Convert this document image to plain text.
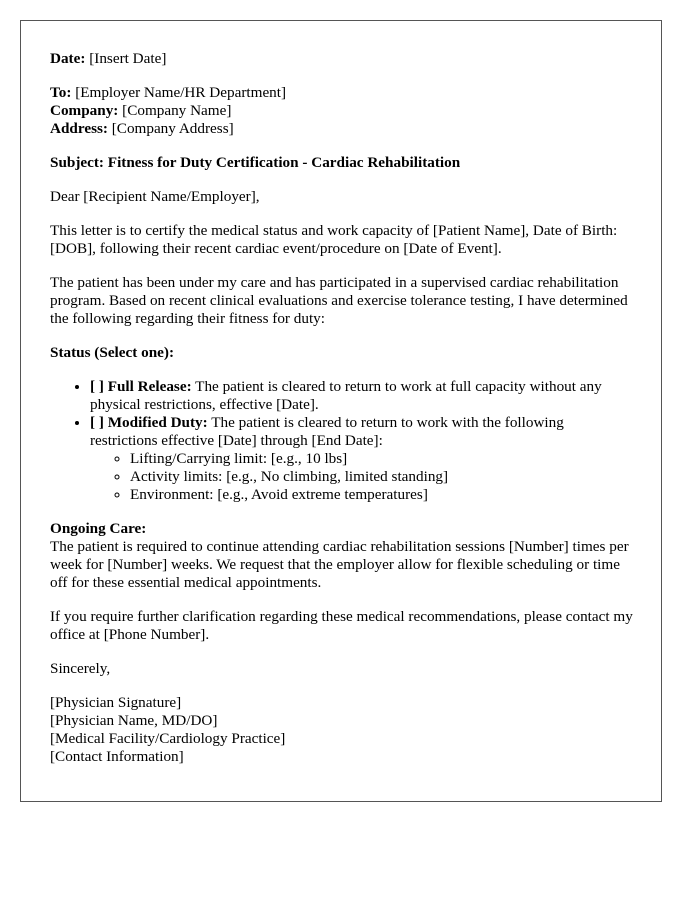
Date: [Insert Date]

To: [Employer Name/HR Department]
Company: [Company Name]
Address: [Company Address]

Subject: Fitness for Duty Certification - Cardiac Rehabilitation

Dear [Recipient Name/Employer],

This letter is to certify the medical status and work capacity of [Patient Name], Date of Birth: [DOB], following their recent cardiac event/procedure on [Date of Event].

The patient has been under my care and has participated in a supervised cardiac rehabilitation program. Based on recent clinical evaluations and exercise tolerance testing, I have determined the following regarding their fitness for duty:

Status (Select one):

• [ ] Full Release: The patient is cleared to return to work at full capacity without any physical restrictions, effective [Date].
• [ ] Modified Duty: The patient is cleared to return to work with the following restrictions effective [Date] through [End Date]:
◦ Lifting/Carrying limit: [e.g., 10 lbs]
◦ Activity limits: [e.g., No climbing, limited standing]
◦ Environment: [e.g., Avoid extreme temperatures]

Ongoing Care:
The patient is required to continue attending cardiac rehabilitation sessions [Number] times per week for [Number] weeks. We request that the employer allow for flexible scheduling or time off for these essential medical appointments.

If you require further clarification regarding these medical recommendations, please contact my office at [Phone Number].

Sincerely,

[Physician Signature]
[Physician Name, MD/DO]
[Medical Facility/Cardiology Practice]
[Contact Information]
